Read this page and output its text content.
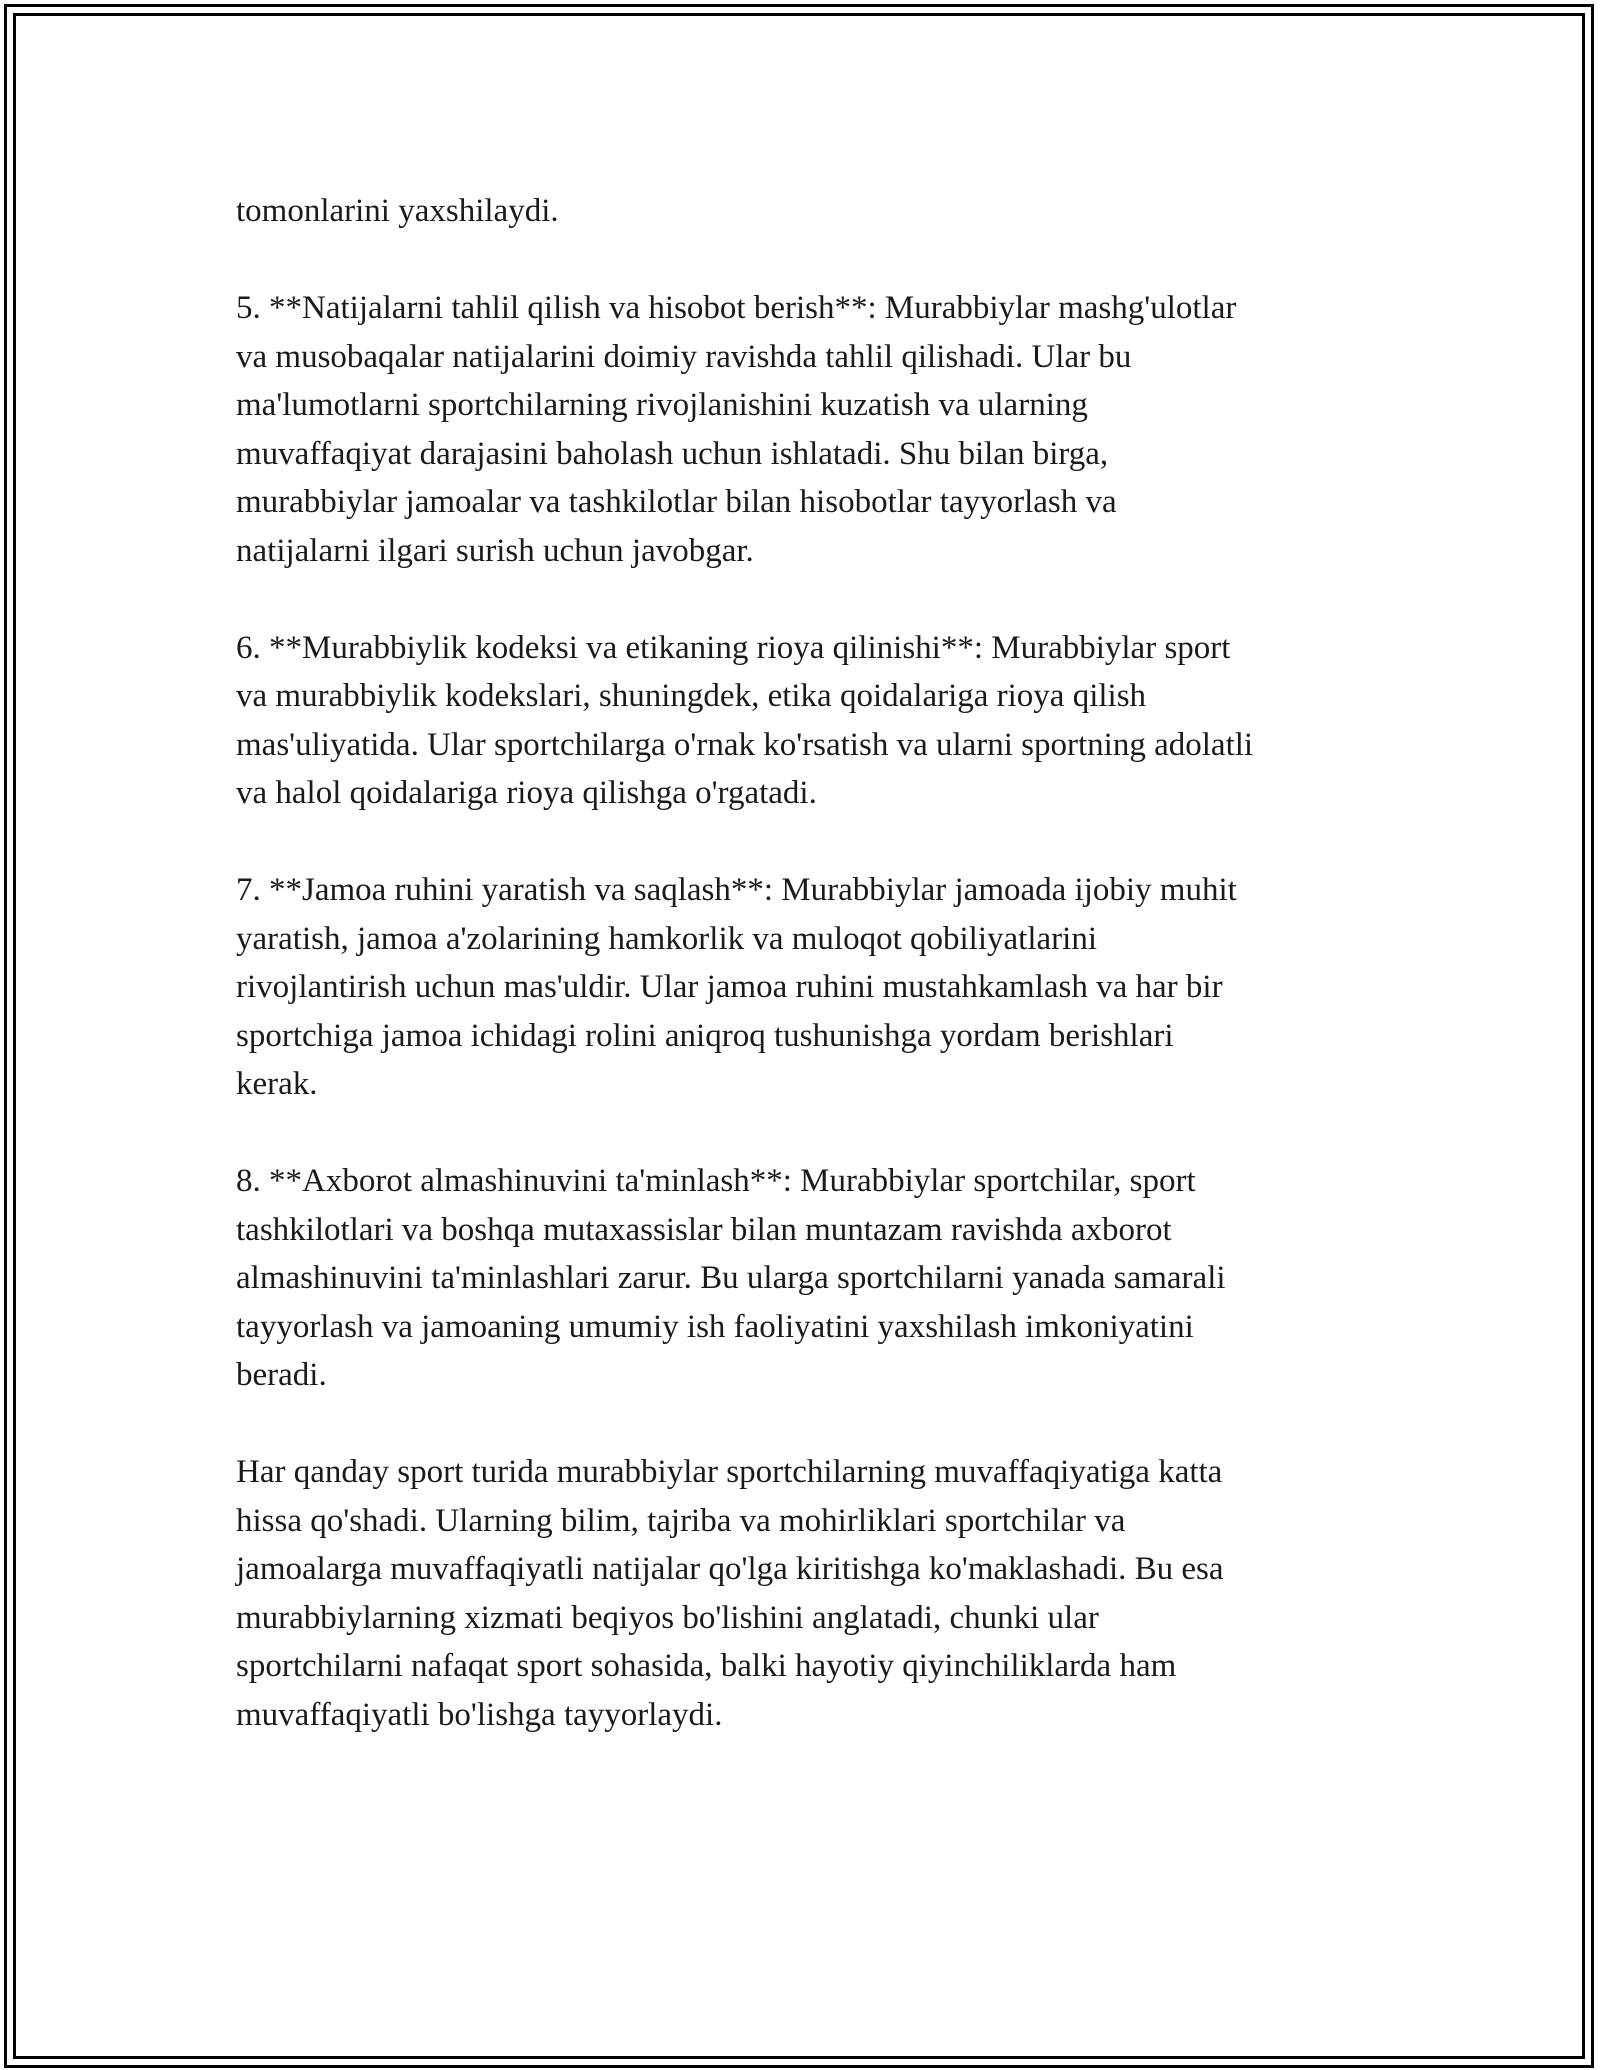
tomonlarini yaxshilaydi.

5. **Natijalarni tahlil qilish va hisobot berish**: Murabbiylar mashg'ulotlar
va musobaqalar natijalarini doimiy ravishda tahlil qilishadi. Ular bu
ma'lumotlarni sportchilarning rivojlanishini kuzatish va ularning
muvaffaqiyat darajasini baholash uchun ishlatadi. Shu bilan birga,
murabbiylar jamoalar va tashkilotlar bilan hisobotlar tayyorlash va
natijalarni ilgari surish uchun javobgar.

6. **Murabbiylik kodeksi va etikaning rioya qilinishi**: Murabbiylar sport
va murabbiylik kodekslari, shuningdek, etika qoidalariga rioya qilish
mas'uliyatida. Ular sportchilarga o'rnak ko'rsatish va ularni sportning adolatli
va halol qoidalariga rioya qilishga o'rgatadi.

7. **Jamoa ruhini yaratish va saqlash**: Murabbiylar jamoada ijobiy muhit
yaratish, jamoa a'zolarining hamkorlik va muloqot qobiliyatlarini
rivojlantirish uchun mas'uldir. Ular jamoa ruhini mustahkamlash va har bir
sportchiga jamoa ichidagi rolini aniqroq tushunishga yordam berishlari
kerak.

8. **Axborot almashinuvini ta'minlash**: Murabbiylar sportchilar, sport
tashkilotlari va boshqa mutaxassislar bilan muntazam ravishda axborot
almashinuvini ta'minlashlari zarur. Bu ularga sportchilarni yanada samarali
tayyorlash va jamoaning umumiy ish faoliyatini yaxshilash imkoniyatini
beradi.

Har qanday sport turida murabbiylar sportchilarning muvaffaqiyatiga katta
hissa qo'shadi. Ularning bilim, tajriba va mohirliklari sportchilar va
jamoalarga muvaffaqiyatli natijalar qo'lga kiritishga ko'maklashadi. Bu esa
murabbiylarning xizmati beqiyos bo'lishini anglatadi, chunki ular
sportchilarni nafaqat sport sohasida, balki hayotiy qiyinchiliklarda ham
muvaffaqiyatli bo'lishga tayyorlaydi.
